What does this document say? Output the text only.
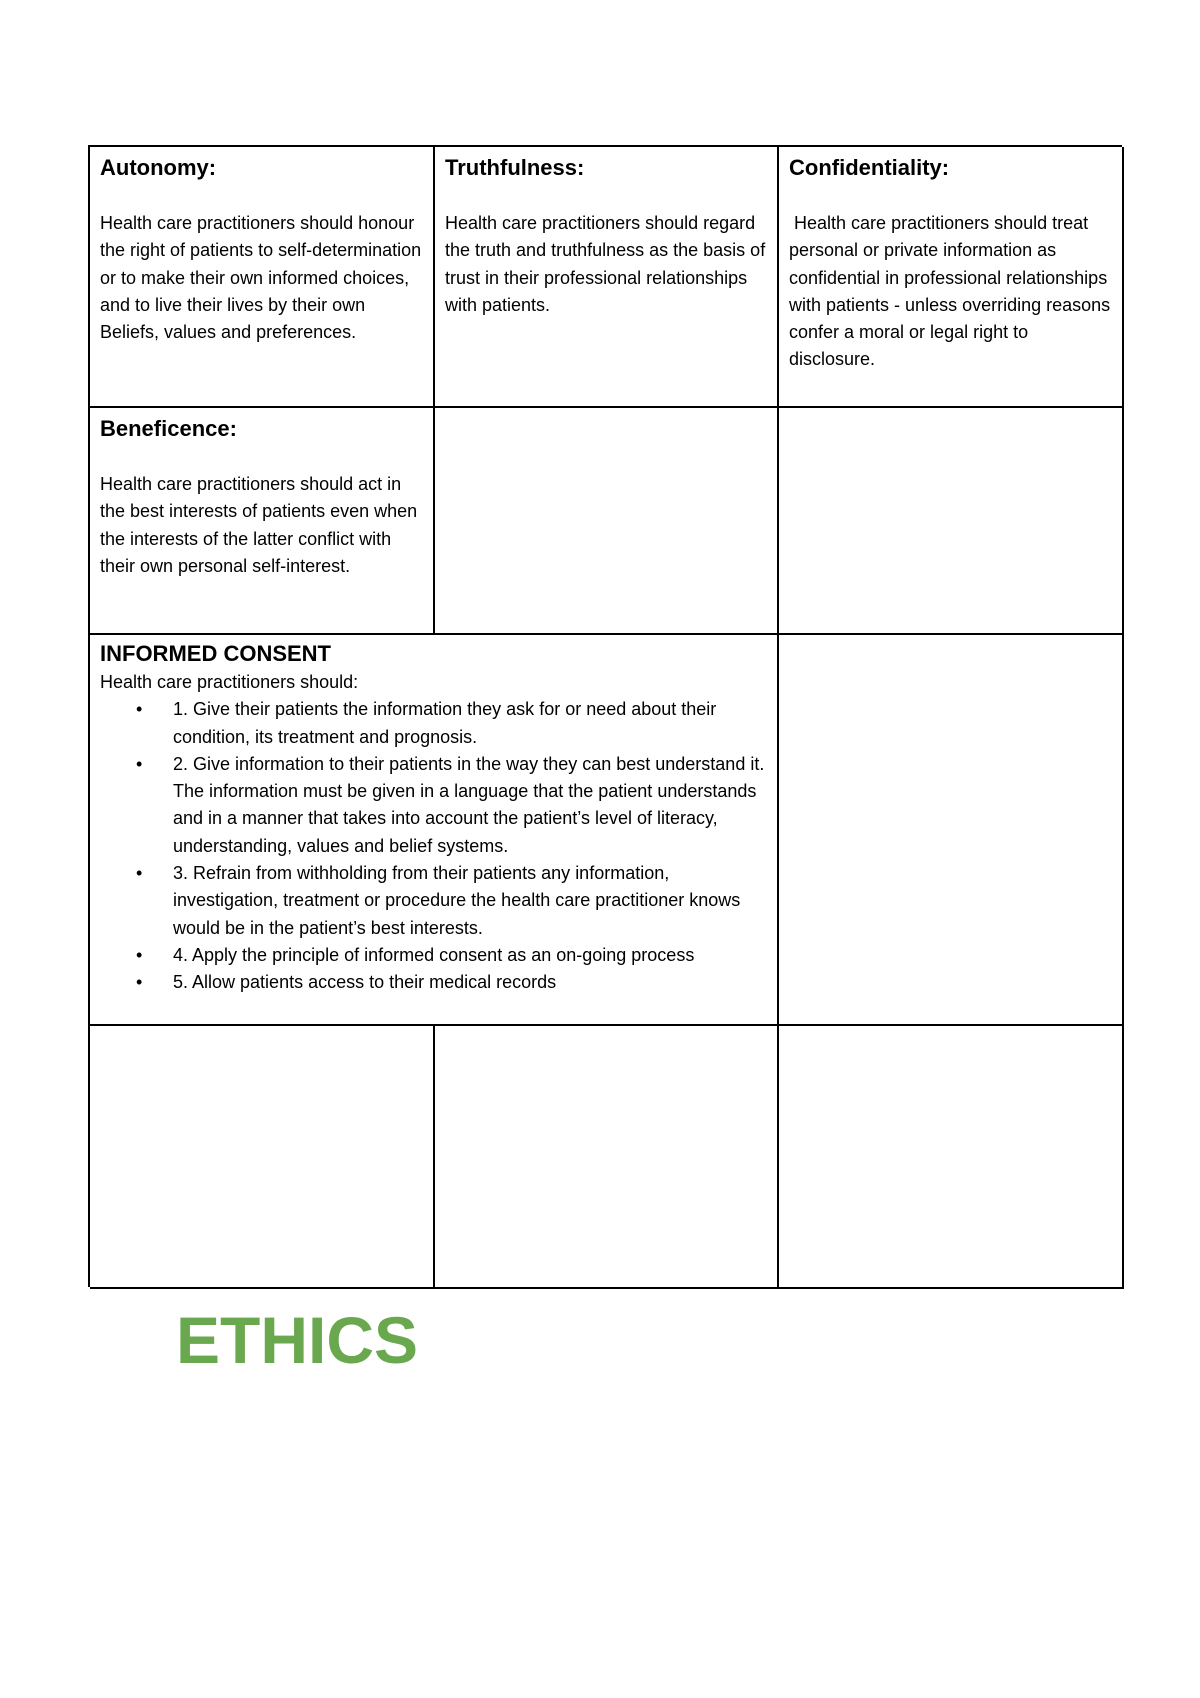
Autonomy:

Health care practitioners should honour the right of patients to self-determination or to make their own informed choices, and to live their lives by their own Beliefs, values and preferences.

Truthfulness:

Health care practitioners should regard the truth and truthfulness as the basis of trust in their professional relationships with patients.

Confidentiality:

Health care practitioners should treat personal or private information as confidential in professional relationships with patients - unless overriding reasons confer a moral or legal right to disclosure.

Beneficence:

Health care practitioners should act in the best interests of patients even when the interests of the latter conflict with their own personal self-interest.

INFORMED CONSENT

Health care practitioners should:

• 1. Give their patients the information they ask for or need about their condition, its treatment and prognosis.
• 2. Give information to their patients in the way they can best understand it. The information must be given in a language that the patient understands and in a manner that takes into account the patient’s level of literacy, understanding, values and belief systems.
• 3. Refrain from withholding from their patients any information, investigation, treatment or procedure the health care practitioner knows would be in the patient’s best interests.
• 4. Apply the principle of informed consent as an on-going process
• 5. Allow patients access to their medical records
ETHICS
